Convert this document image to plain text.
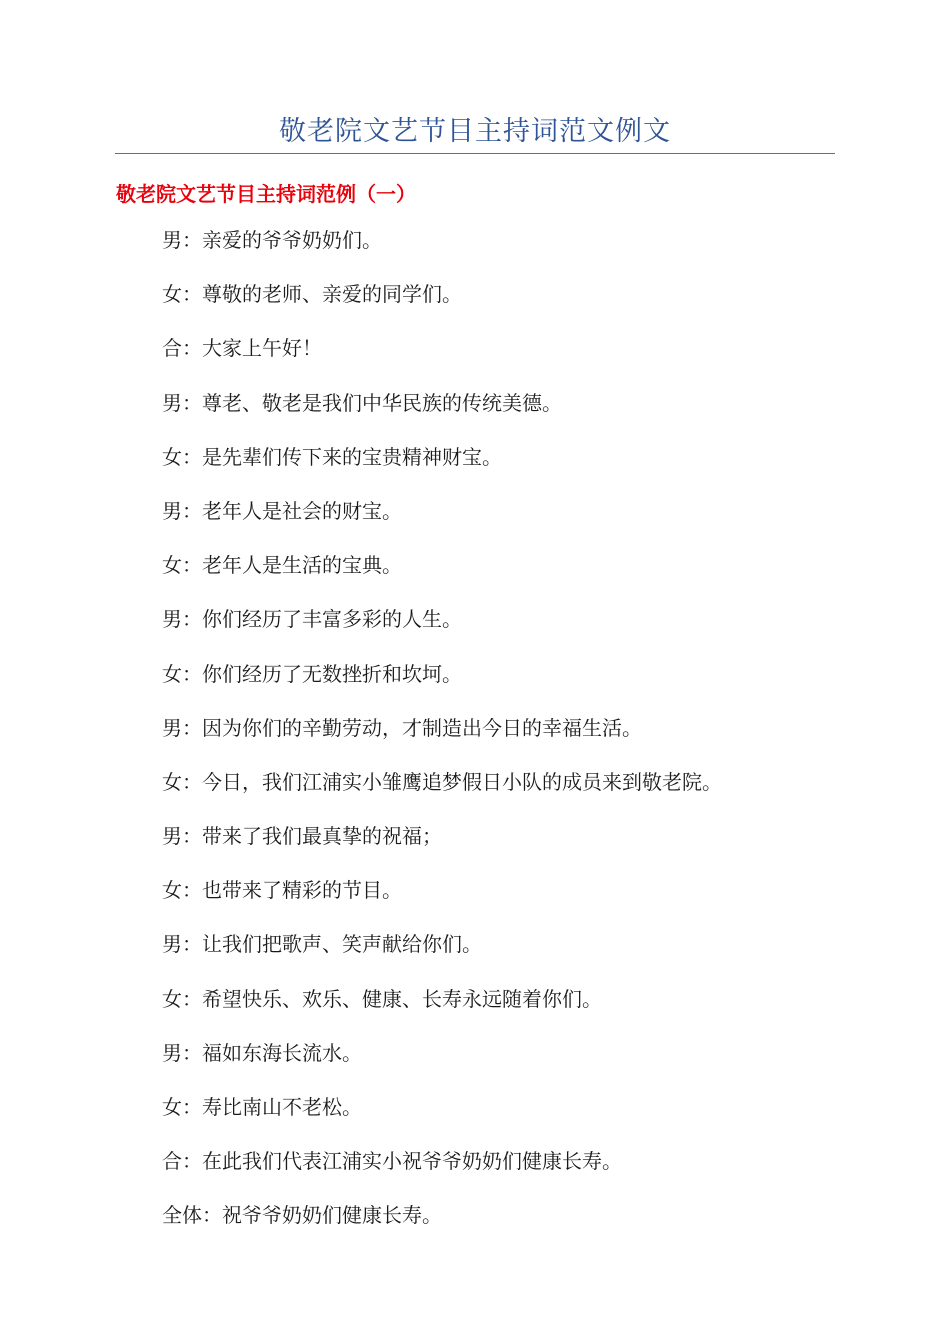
敬老院文艺节目主持词范文例文
敬老院文艺节目主持词范例（一）
男：亲爱的爷爷奶奶们。
女：尊敬的老师、亲爱的同学们。
合：大家上午好！
男：尊老、敬老是我们中华民族的传统美德。
女：是先辈们传下来的宝贵精神财宝。
男：老年人是社会的财宝。
女：老年人是生活的宝典。
男：你们经历了丰富多彩的人生。
女：你们经历了无数挫折和坎坷。
男：因为你们的辛勤劳动，才制造出今日的幸福生活。
女：今日，我们江浦实小雏鹰追梦假日小队的成员来到敬老院。
男：带来了我们最真挚的祝福；
女：也带来了精彩的节目。
男：让我们把歌声、笑声献给你们。
女：希望快乐、欢乐、健康、长寿永远随着你们。
男：福如东海长流水。
女：寿比南山不老松。
合：在此我们代表江浦实小祝爷爷奶奶们健康长寿。
全体：祝爷爷奶奶们健康长寿。
